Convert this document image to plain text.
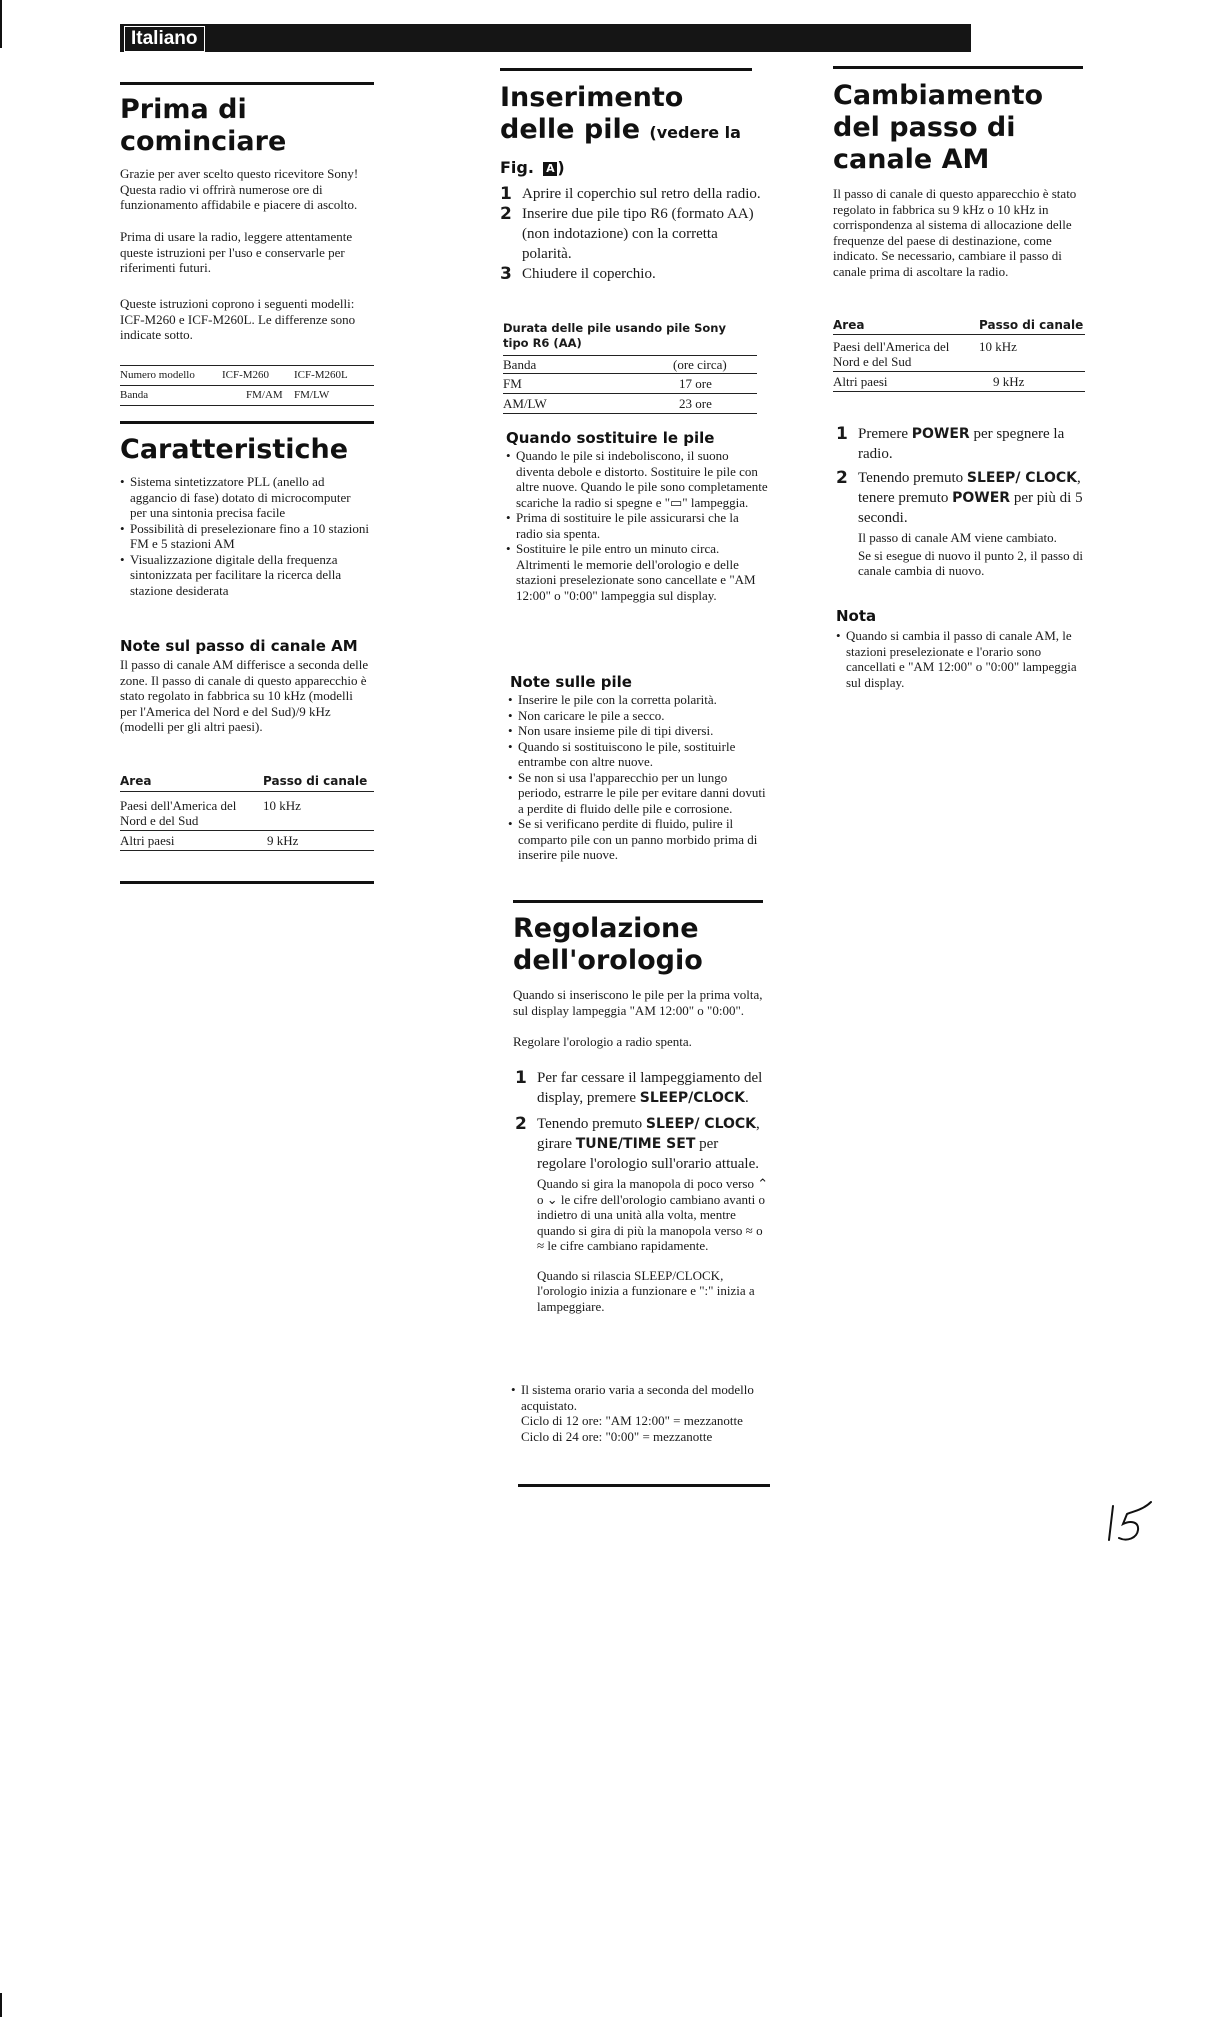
Italiano
Prima di cominciare

Grazie per aver scelto questo ricevitore Sony! Questa radio vi offrirà numerose ore di funzionamento affidabile e piacere di ascolto.

Prima di usare la radio, leggere attentamente queste istruzioni per l'uso e conservarle per riferimenti futuri.

Queste istruzioni coprono i seguenti modelli: ICF-M260 e ICF-M260L. Le differenze sono indicate sotto.

Numero modello	ICF-M260	ICF-M260L
Banda	FM/AM	FM/LW
Caratteristiche
• Sistema sintetizzatore PLL (anello ad aggancio di fase) dotato di microcomputer per una sintonia precisa facile
• Possibilità di preselezionare fino a 10 stazioni FM e 5 stazioni AM
• Visualizzazione digitale della frequenza sintonizzata per facilitare la ricerca della stazione desiderata
Note sul passo di canale AM

Il passo di canale AM differisce a seconda delle zone. Il passo di canale di questo apparecchio è stato regolato in fabbrica su 10 kHz (modelli per l'America del Nord e del Sud)/9 kHz (modelli per gli altri paesi).

Area	Passo di canale
Paesi dell'America del Nord e del Sud	10 kHz
Altri paesi	9 kHz
Inserimento delle pile (vedere la
Fig. A )
1 Aprire il coperchio sul retro della radio.
2 Inserire due pile tipo R6 (formato AA)(non indotazione) con la corretta polarità.
3 Chiudere il coperchio.

Durata delle pile usando pile Sony tipo R6 (AA)

Banda	(ore circa)
FM	17 ore
AM/LW	23 ore
Quando sostituire le pile
• Quando le pile si indeboliscono, il suono diventa debole e distorto. Sostituire le pile con altre nuove. Quando le pile sono completamente scariche la radio si spegne e "▭" lampeggia.
• Prima di sostituire le pile assicurarsi che la radio sia spenta.
• Sostituire le pile entro un minuto circa. Altrimenti le memorie dell'orologio e delle stazioni preselezionate sono cancellate e "AM 12:00" o "0:00" lampeggia sul display.
Note sulle pile
• Inserire le pile con la corretta polarità.
• Non caricare le pile a secco.
• Non usare insieme pile di tipi diversi.
• Quando si sostituiscono le pile, sostituirle entrambe con altre nuove.
• Se non si usa l'apparecchio per un lungo periodo, estrarre le pile per evitare danni dovuti a perdite di fluido delle pile e corrosione.
• Se si verificano perdite di fluido, pulire il comparto pile con un panno morbido prima di inserire pile nuove.
Regolazione dell'orologio

Quando si inseriscono le pile per la prima volta, sul display lampeggia "AM 12:00" o "0:00".

Regolare l'orologio a radio spenta.

1 Per far cessare il lampeggiamento del display, premere SLEEP/CLOCK.
2 Tenendo premuto SLEEP/ CLOCK, girare TUNE/TIME SET per regolare l'orologio sull'orario attuale.
Quando si gira la manopola di poco verso ⌃ o ⌄ le cifre dell'orologio cambiano avanti o indietro di una unità alla volta, mentre quando si gira di più la manopola verso ≈ o ≈ le cifre cambiano rapidamente.
Quando si rilascia SLEEP/CLOCK, l'orologio inizia a funzionare e ":" inizia a lampeggiare.
• Il sistema orario varia a seconda del modello acquistato.
Ciclo di 12 ore: "AM 12:00" = mezzanotte
Ciclo di 24 ore: "0:00" = mezzanotte
Cambiamento del passo di canale AM

Il passo di canale di questo apparecchio è stato regolato in fabbrica su 9 kHz o 10 kHz in corrispondenza al sistema di allocazione delle frequenze del paese di destinazione, come indicato. Se necessario, cambiare il passo di canale prima di ascoltare la radio.

Area	Passo di canale
Paesi dell'America del Nord e del Sud	10 kHz
Altri paesi	9 kHz
1 Premere POWER per spegnere la radio.
2 Tenendo premuto SLEEP/ CLOCK, tenere premuto POWER per più di 5 secondi.
Il passo di canale AM viene cambiato.
Se si esegue di nuovo il punto 2, il passo di canale cambia di nuovo.
Nota
• Quando si cambia il passo di canale AM, le stazioni preselezionate e l'orario sono cancellati e "AM 12:00" o "0:00" lampeggia sul display.
